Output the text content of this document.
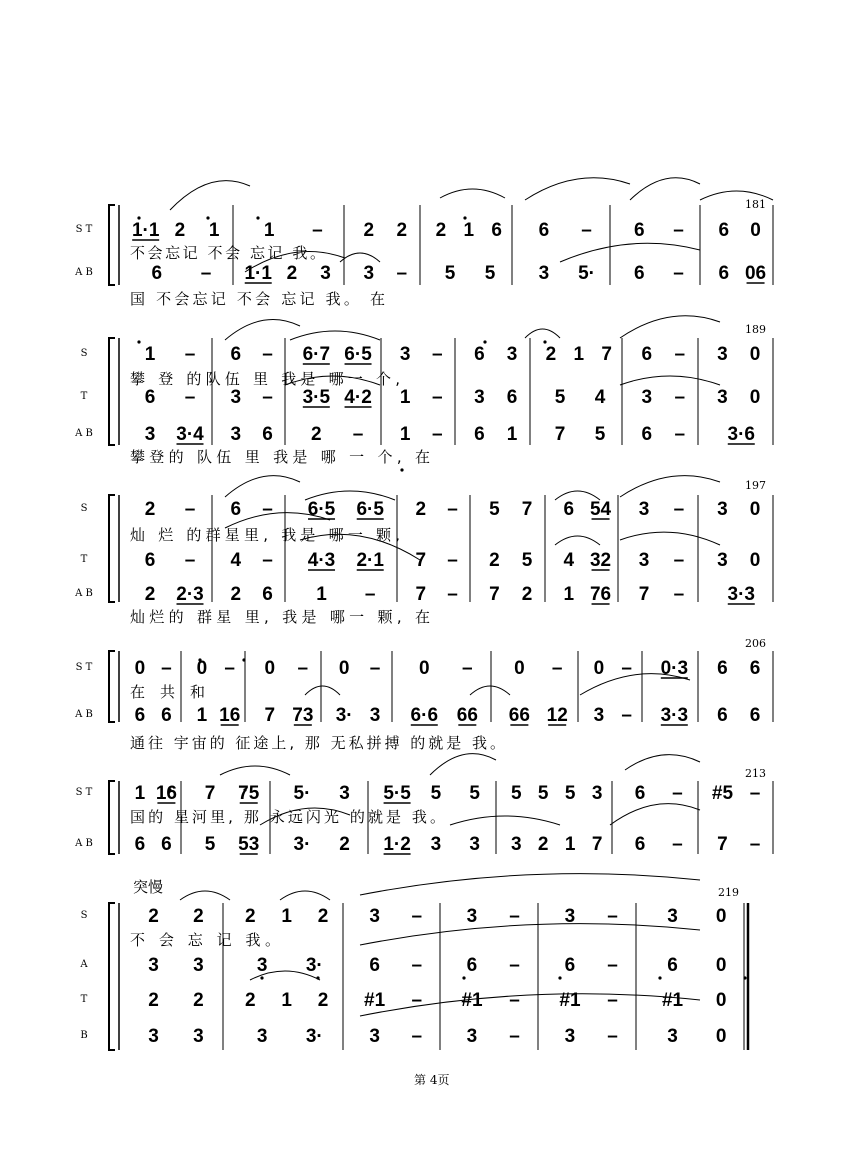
S T 1·1 2 1 1 – 2 2 2 1 6 6 – 6 – 6 0
A B	6 – 1·1 2 3 3 – 5 5 3 5· 6 – 6 06
不会忘记 不会 忘记 我。
国 不会忘记 不会 忘记 我。 在
S	1 – 6 – 6·7 6·5 3 – 6 3 2 1 7 6 – 3 0
T	6 – 3 – 3·5 4·2 1 – 3 6 5 4 3 – 3 0
A B	3 3·4 3 6 2 – 1 – 6 1 7 5 6 – 3·6
攀 登 的队伍 里 我是 哪一 个,
攀登的 队伍 里 我是 哪 一 个, 在
S	2 – 6 – 6·5 6·5 2 – 5 7 6 54 3 – 3 0
T	6 – 4 – 4·3 2·1 7 – 2 5 4 32 3 – 3 0
A B	2 2·3 2 6 1 – 7 – 7 2 1 76 7 – 3·3
灿 烂 的群星里, 我是 哪一 颗,
灿烂的 群星 里, 我是 哪一 颗, 在
S T 0 – 0 – 0 – 0 – 0 – 0 – 0 – 0·3 6 6
A B 6 6 1 16 7 73 3· 3 6·6 66 66 12 3 – 3·3 6 6
在 共 和
通往 宇宙的 征途上, 那 无私拼搏 的就是 我。
S T 1 16 7 75 5· 3 5·5 5 5 5 5 5 3 6 – #5 –
A B 6 6 5 53 3· 2 1·2 3 3 3 2 1 7 6 – 7 –
国的 星河里, 那 永远闪光 的就是 我。
S	2 2 2 1 2 3 – 3 – 3 –	3 0
A	3 3	3 3· 6 – 6 – 6 –	6 0
T	2 2 2 1 2 #1 – #1 – #1 – #1 0
B	3 3	3 3· 3 – 3 – 3 –	3 0
不 会 忘 记 我。
突慢
181
189
197
206
213
219
第 4页
